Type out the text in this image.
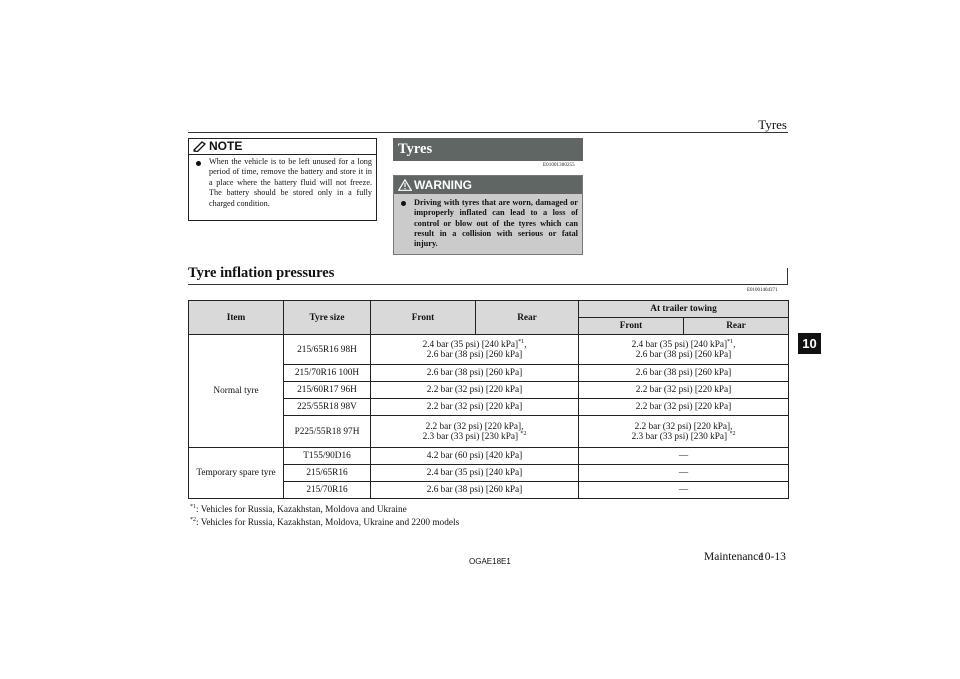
Tyres
NOTE
When the vehicle is to be left unused for a long period of time, remove the battery and store it in a place where the battery fluid will not freeze. The battery should be stored only in a fully charged condition.
Tyres
E01001300255
WARNING
Driving with tyres that are worn, damaged or improperly inflated can lead to a loss of control or blow out of the tyres which can result in a collision with serious or fatal injury.
Tyre inflation pressures
E01001404371
Item	Tyre size	Front	Rear	At trailer towing	
				Front	Rear
Normal tyre	215/65R16 98H	2.4 bar (35 psi) [240 kPa]$^{*1}$,
2.6 bar (38 psi) [260 kPa]		2.4 bar (35 psi) [240 kPa]$^{*1}$,
2.6 bar (38 psi) [260 kPa]	
	215/70R16 100H	2.6 bar (38 psi) [260 kPa]		2.6 bar (38 psi) [260 kPa]	
	215/60R17 96H	2.2 bar (32 psi) [220 kPa]		2.2 bar (32 psi) [220 kPa]	
	225/55R18 98V	2.2 bar (32 psi) [220 kPa]		2.2 bar (32 psi) [220 kPa]	
	P225/55R18 97H	2.2 bar (32 psi) [220 kPa],
2.3 bar (33 psi) [230 kPa] $^{*2}$		2.2 bar (32 psi) [220 kPa],
2.3 bar (33 psi) [230 kPa] $^{*2}$
Temporary spare tyre	T155/90D16	4.2 bar (60 psi) [420 kPa]		—	
	215/65R16	2.4 bar (35 psi) [240 kPa]		—	
	215/70R16	2.6 bar (38 psi) [260 kPa]		—	
$^{*1}$: Vehicles for Russia, Kazakhstan, Moldova and Ukraine
$^{*2}$: Vehicles for Russia, Kazakhstan, Moldova, Ukraine and 2200 models
OGAE18E1	Maintenance
10-13
10
